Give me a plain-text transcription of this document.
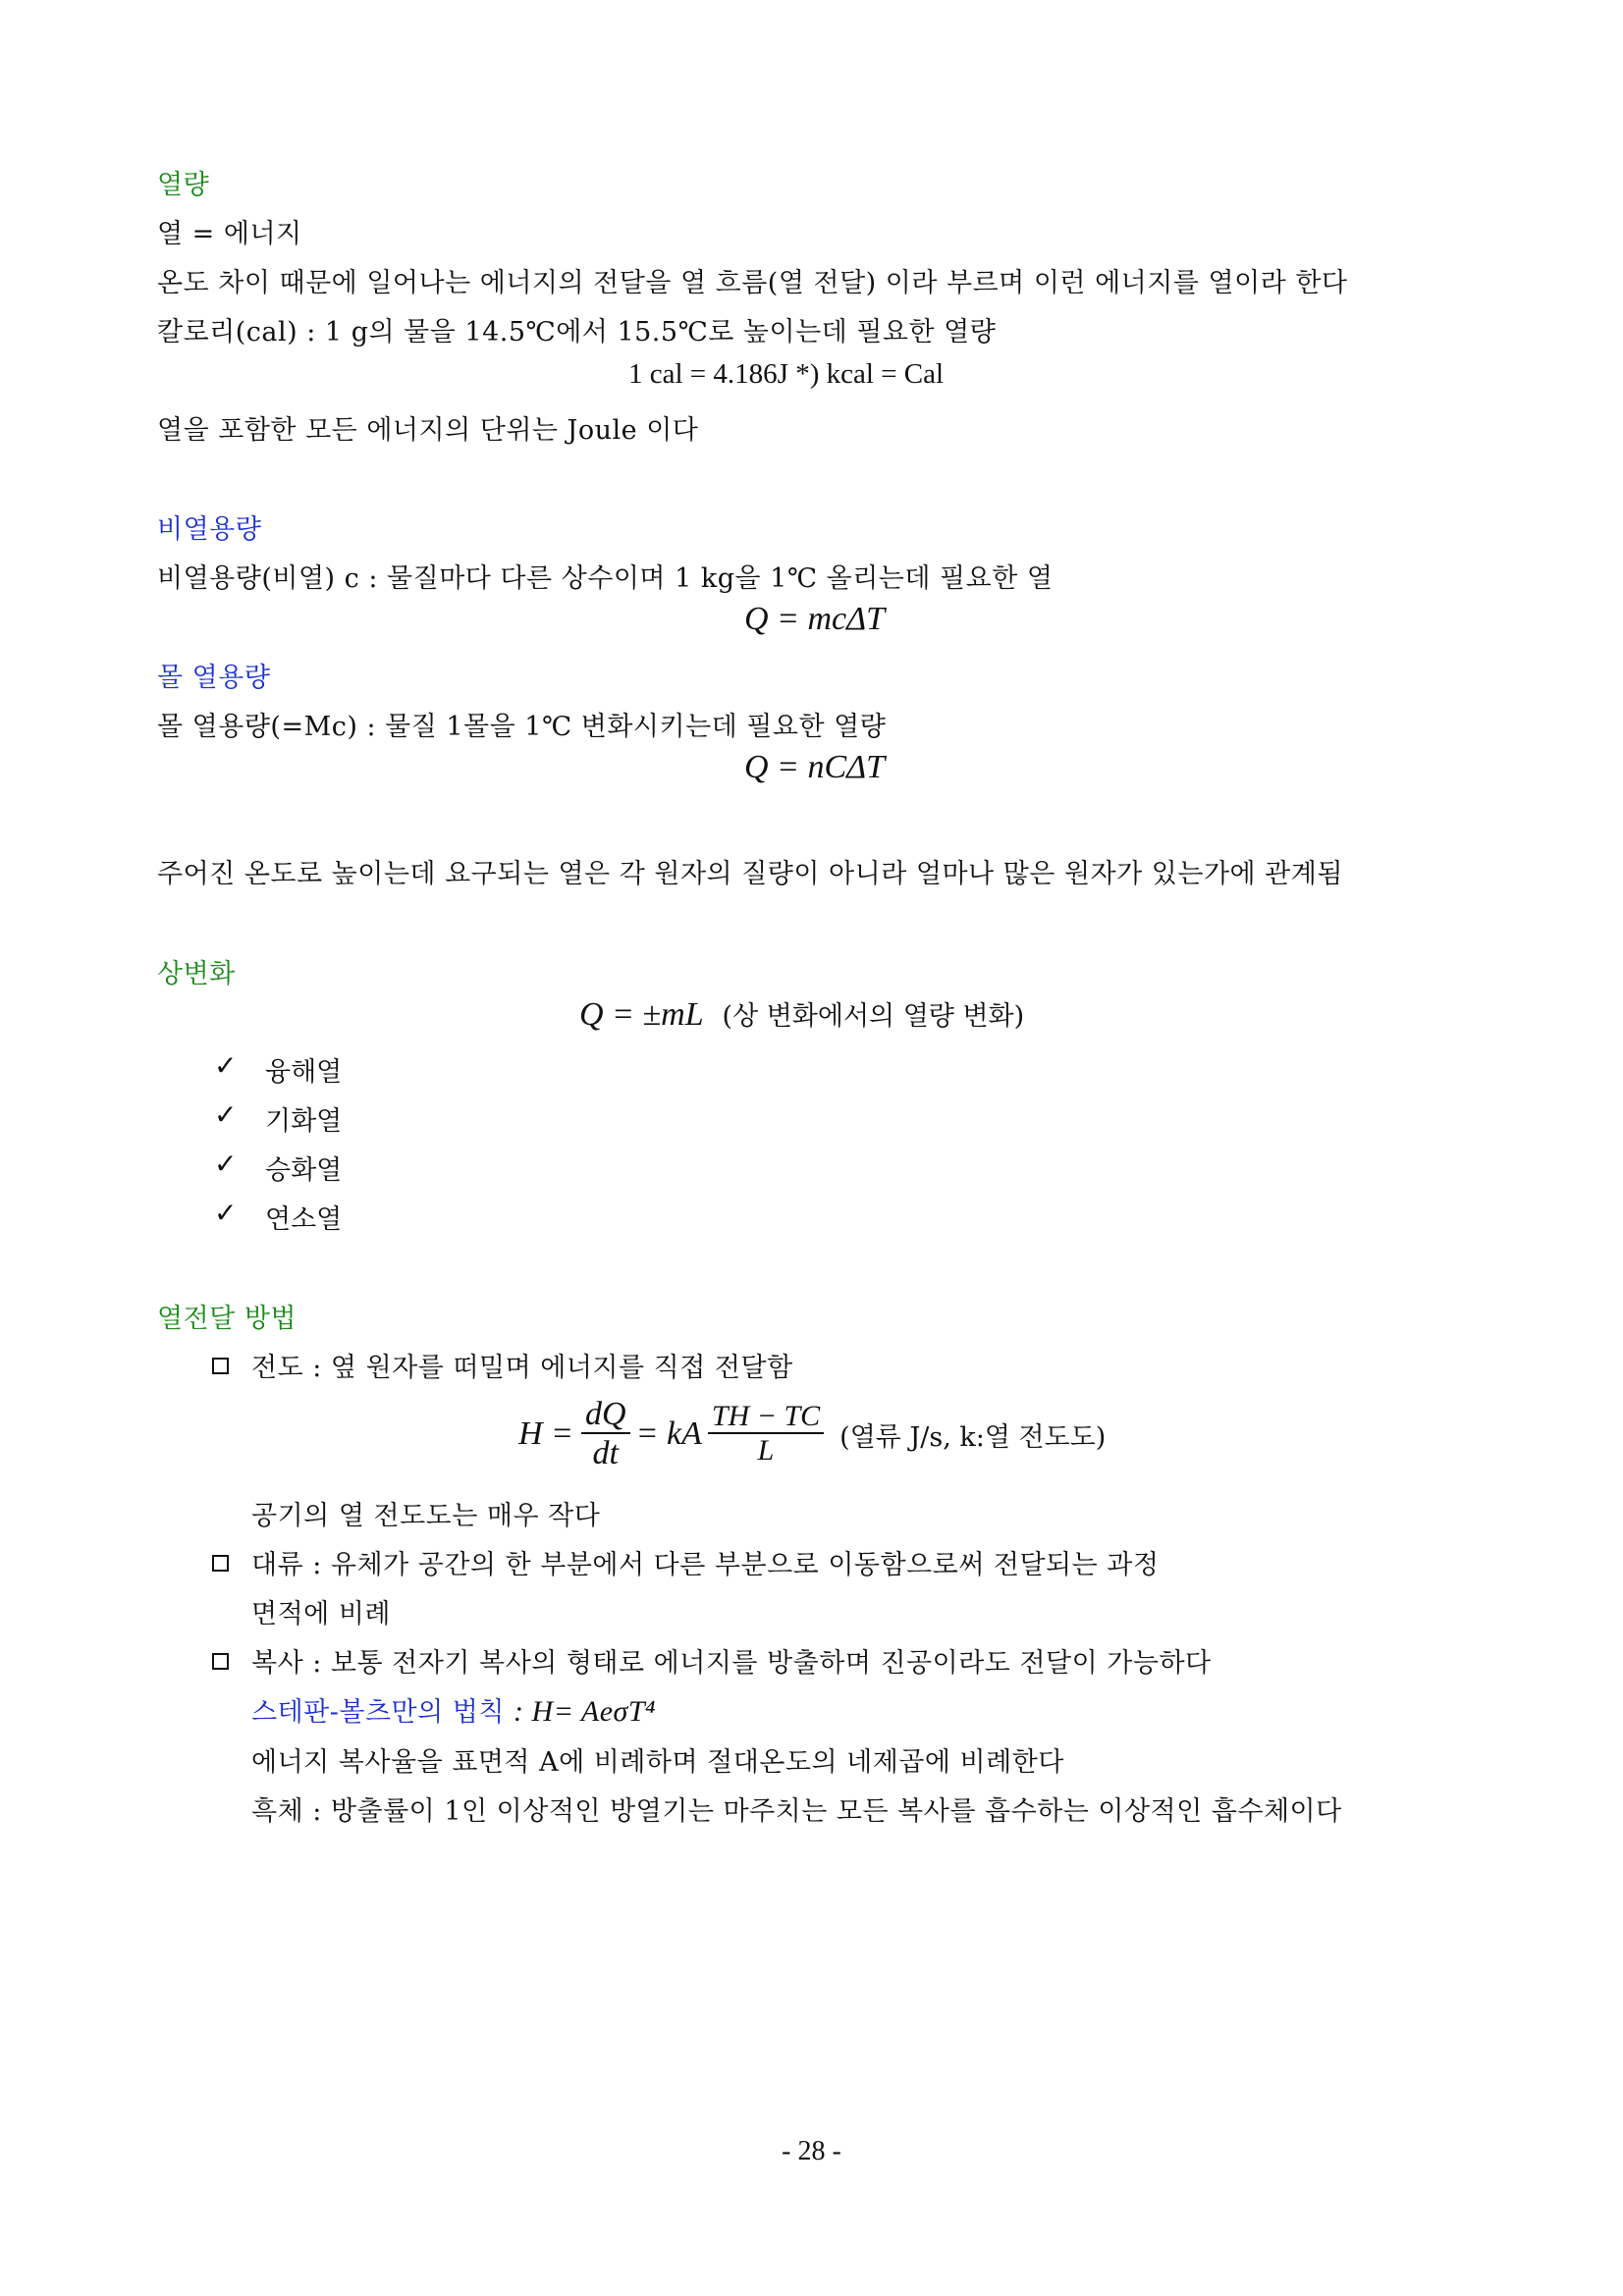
열량
열 = 에너지
온도 차이 때문에 일어나는 에너지의 전달을 열 흐름(열 전달) 이라 부르며 이런 에너지를 열이라 한다
칼로리(cal) : 1 g의 물을 14.5℃에서 15.5℃로 높이는데 필요한 열량
1 cal = 4.186J *) kcal = Cal
열을 포함한 모든 에너지의 단위는 Joule 이다
비열용량
비열용량(비열) c : 물질마다 다른 상수이며 1 kg을 1℃ 올리는데 필요한 열
Q = mcΔT
몰 열용량
몰 열용량(=Mc) : 물질 1몰을 1℃ 변화시키는데 필요한 열량
Q = nCΔT
주어진 온도로 높이는데 요구되는 열은 각 원자의 질량이 아니라 얼마나 많은 원자가 있는가에 관계됨
상변화
Q = ±mL (상 변화에서의 열량 변화)
✓ 융해열
✓ 기화열
✓ 승화열
✓ 연소열
열전달 방법
전도 : 옆 원자를 떠밀며 에너지를 직접 전달함
$H = \frac{dQ}{dt}$ = kA $\frac{TH - TC}{L}$ (열류 J/s, k:열 전도도)
공기의 열 전도도는 매우 작다
대류 : 유체가 공간의 한 부분에서 다른 부분으로 이동함으로써 전달되는 과정
면적에 비례
복사 : 보통 전자기 복사의 형태로 에너지를 방출하며 진공이라도 전달이 가능하다
스테판-볼츠만의 법칙 : H= AeσT⁴
에너지 복사율을 표면적 A에 비례하며 절대온도의 네제곱에 비례한다
흑체 : 방출률이 1인 이상적인 방열기는 마주치는 모든 복사를 흡수하는 이상적인 흡수체이다
- 28 -
